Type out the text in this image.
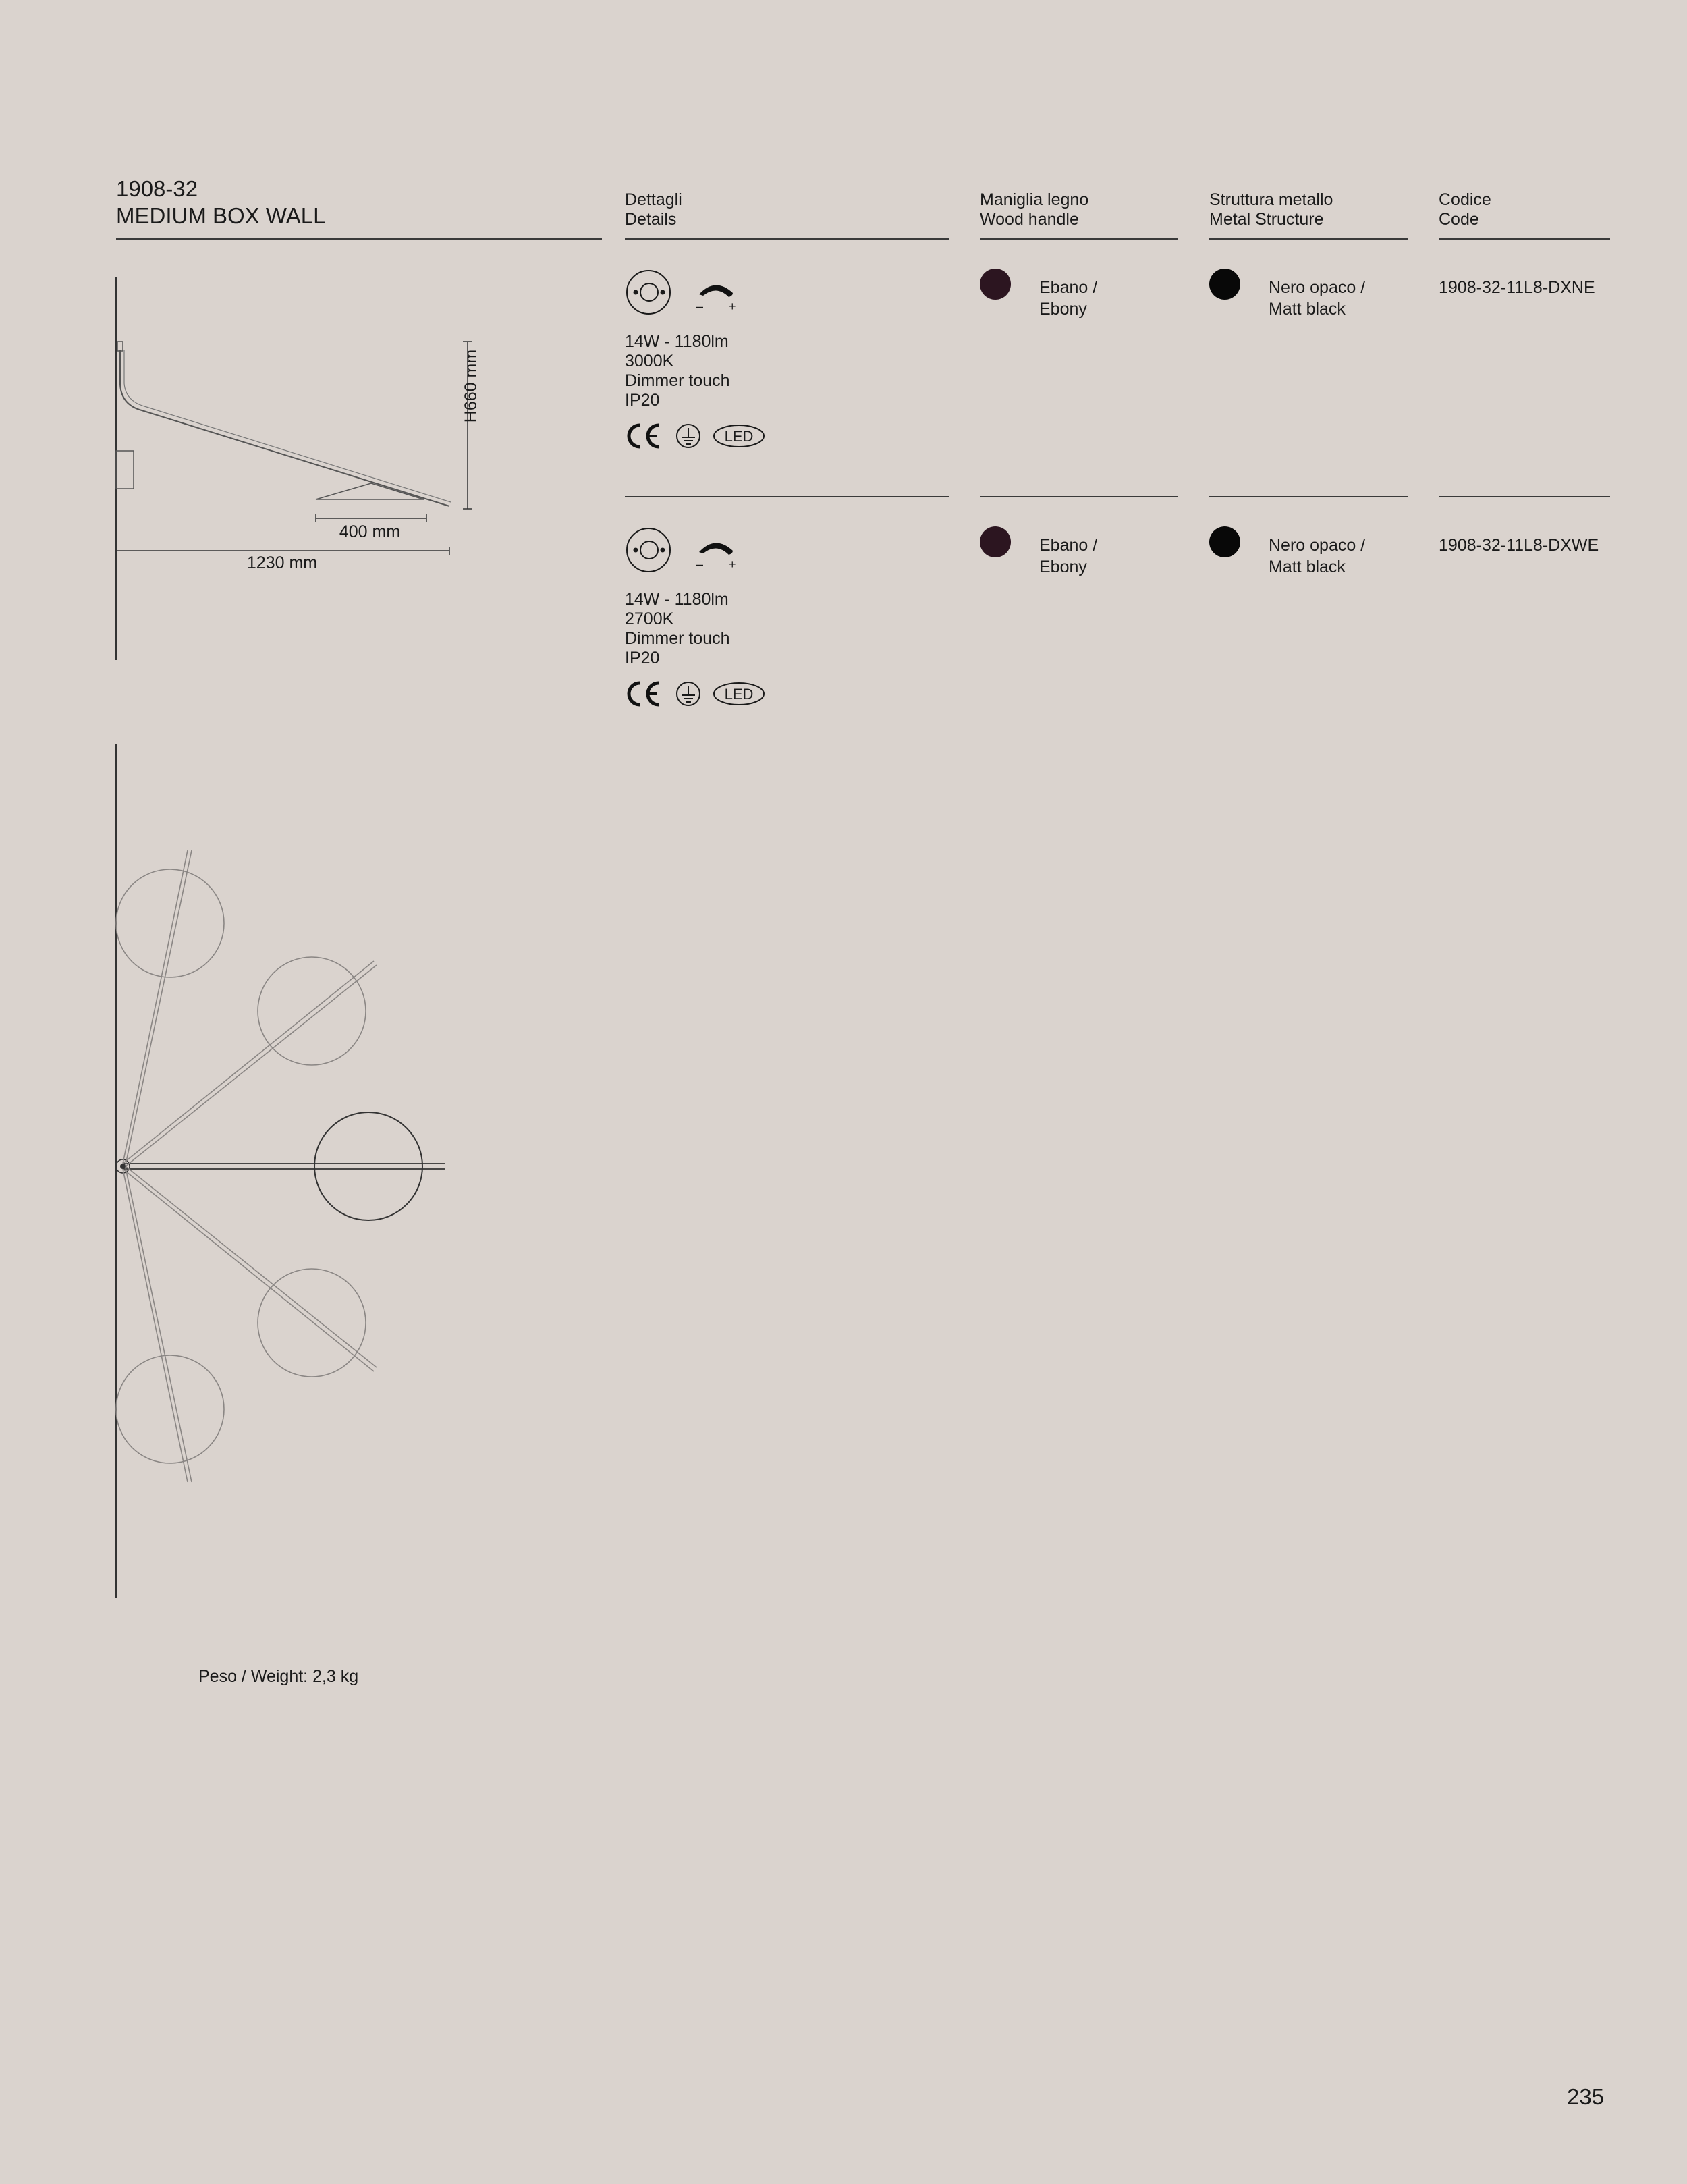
1908-32
MEDIUM BOX WALL
Dettagli
Details
Maniglia legno
Wood handle
Struttura metallo
Metal Structure
Codice
Code
– +
14W - 1180lm
3000K
Dimmer touch
IP20
LED
Ebano /
Ebony
Nero opaco /
Matt black
1908-32-11L8-DXNE
– +
14W - 1180lm
2700K
Dimmer touch
IP20
LED
Ebano /
Ebony
Nero opaco /
Matt black
1908-32-11L8-DXWE
H660 mm
400 mm
1230 mm
Peso / Weight: 2,3 kg
235
